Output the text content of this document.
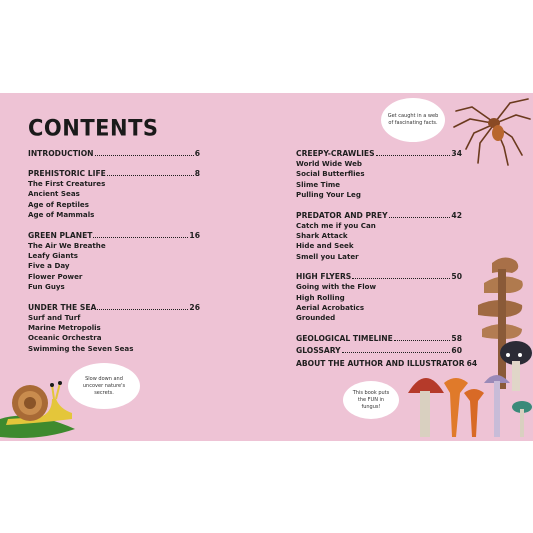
CONTENTS
INTRODUCTION	6
PREHISTORIC LIFE	8
The First Creatures
Ancient Seas
Age of Reptiles
Age of Mammals
GREEN PLANET	16
The Air We Breathe
Leafy Giants
Five a Day
Flower Power
Fun Guys
UNDER THE SEA	26
Surf and Turf
Marine Metropolis
Oceanic Orchestra
Swimming the Seven Seas
CREEPY-CRAWLIES	34
World Wide Web
Social Butterflies
Slime Time
Pulling Your Leg
PREDATOR AND PREY	42
Catch me if you Can
Shark Attack
Hide and Seek
Smell you Later
HIGH FLYERS	50
Going with the Flow
High Rolling
Aerial Acrobatics
Grounded
GEOLOGICAL TIMELINE	58
GLOSSARY	60
ABOUT THE AUTHOR AND ILLUSTRATOR 64
Get caught in a web of fascinating facts.
Slow down and uncover nature's secrets.	This book puts the FUN in fungus!
